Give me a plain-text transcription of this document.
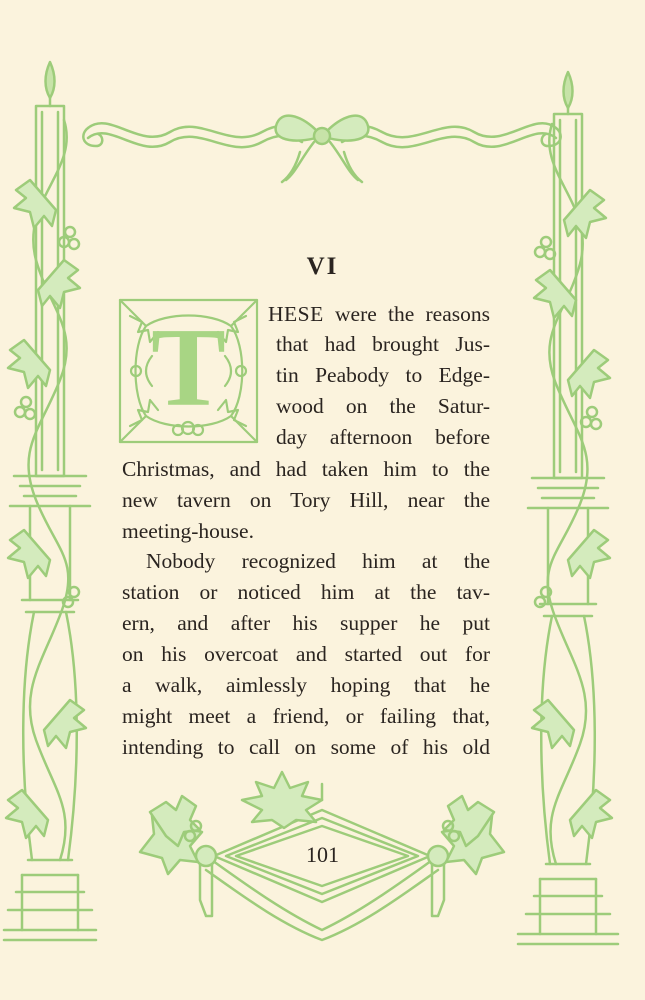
VI
T	HESE were the reasons
that had brought Jus-
tin Peabody to Edge-
wood on the Satur-
day afternoon before
Christmas, and had taken him to the
new tavern on Tory Hill, near the
meeting-house.
Nobody recognized him at the
station or noticed him at the tav-
ern, and after his supper he put
on his overcoat and started out for
a walk, aimlessly hoping that he
might meet a friend, or failing that,
intending to call on some of his old
101
